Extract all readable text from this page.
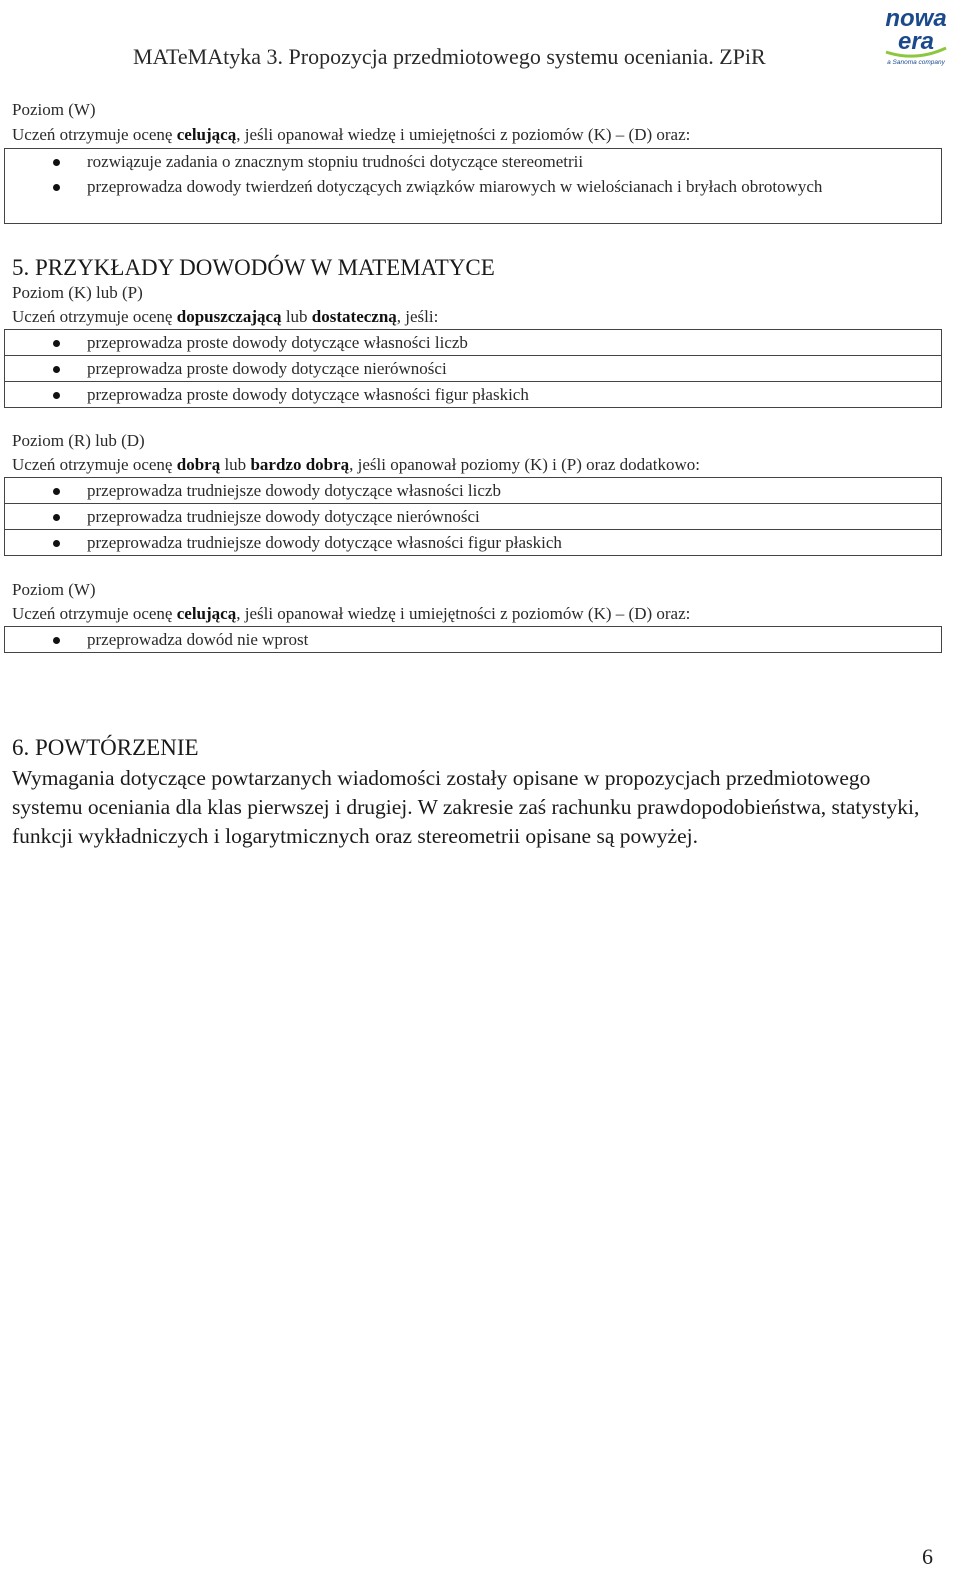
MATeMAtyka 3. Propozycja przedmiotowego systemu oceniania. ZPiR
nowa
era
a Sanoma company
Poziom (W)
Uczeń otrzymuje ocenę celującą, jeśli opanował wiedzę i umiejętności z poziomów (K) – (D) oraz:
rozwiązuje zadania o znacznym stopniu trudności dotyczące stereometrii
przeprowadza dowody twierdzeń dotyczących związków miarowych w wielościanach i bryłach obrotowych
5. PRZYKŁADY DOWODÓW W MATEMATYCE
Poziom (K) lub (P)
Uczeń otrzymuje ocenę dopuszczającą lub dostateczną, jeśli:
przeprowadza proste dowody dotyczące własności liczb
przeprowadza proste dowody dotyczące nierówności
przeprowadza proste dowody dotyczące własności figur płaskich
Poziom (R) lub (D)
Uczeń otrzymuje ocenę dobrą lub bardzo dobrą, jeśli opanował poziomy (K) i (P) oraz dodatkowo:
przeprowadza trudniejsze dowody dotyczące własności liczb
przeprowadza trudniejsze dowody dotyczące nierówności
przeprowadza trudniejsze dowody dotyczące własności figur płaskich
Poziom (W)
Uczeń otrzymuje ocenę celującą, jeśli opanował wiedzę i umiejętności z poziomów (K) – (D) oraz:
przeprowadza dowód nie wprost
6. POWTÓRZENIE
Wymagania dotyczące powtarzanych wiadomości zostały opisane w propozycjach przedmiotowego systemu oceniania dla klas pierwszej i drugiej. W zakresie zaś rachunku prawdopodobieństwa, statystyki, funkcji wykładniczych i logarytmicznych oraz stereometrii opisane są powyżej.
6
